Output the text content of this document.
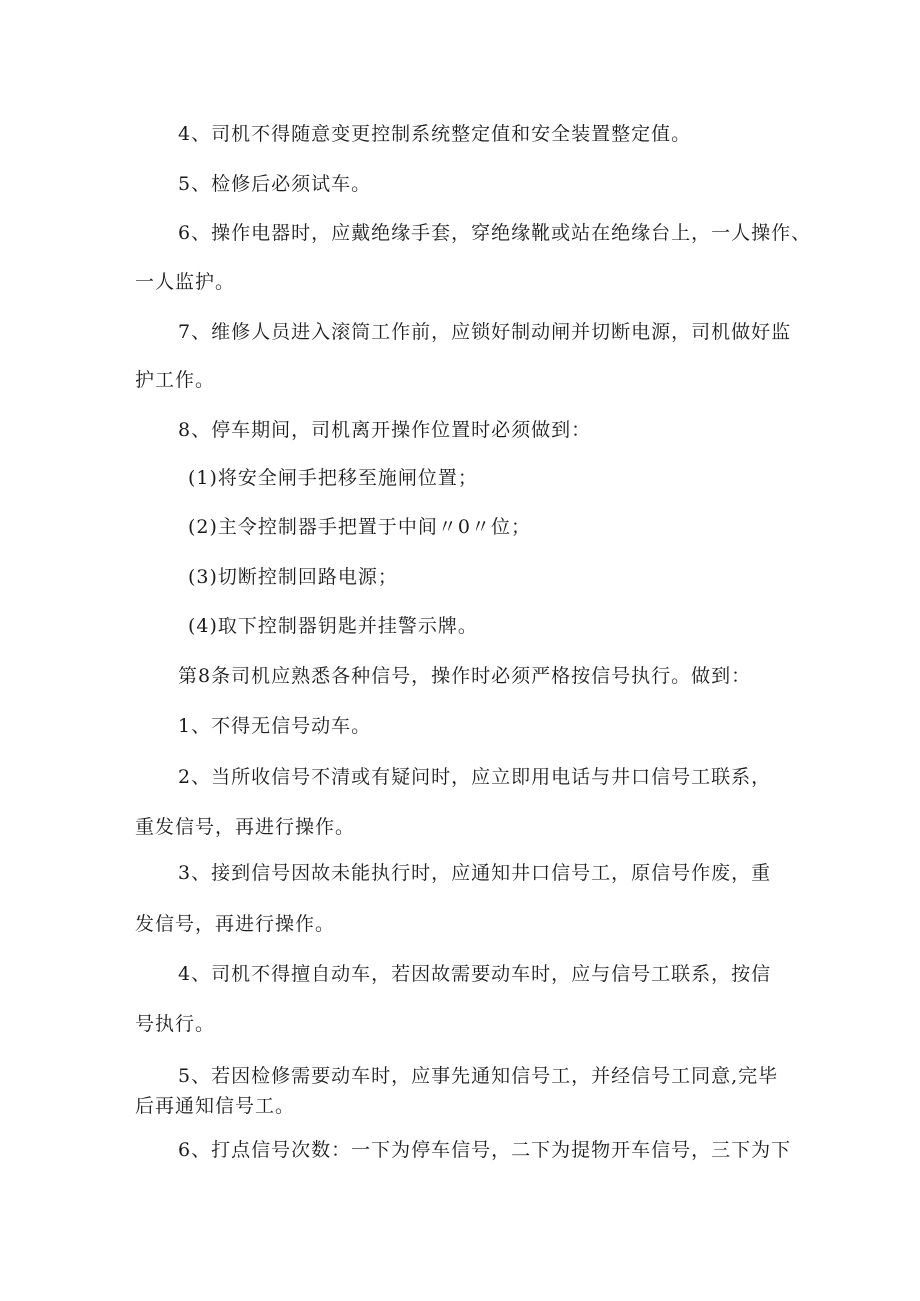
4、司机不得随意变更控制系统整定值和安全装置整定值。
5、检修后必须试车。
6、操作电器时，应戴绝缘手套，穿绝缘靴或站在绝缘台上，一人操作、
一人监护。
7、维修人员进入滚筒工作前，应锁好制动闸并切断电源，司机做好监
护工作。
8、停车期间，司机离开操作位置时必须做到：
(1)将安全闸手把移至施闸位置；
(2)主令控制器手把置于中间〃0〃位；
(3)切断控制回路电源；
(4)取下控制器钥匙并挂警示牌。
第8条司机应熟悉各种信号，操作时必须严格按信号执行。做到：
1、不得无信号动车。
2、当所收信号不清或有疑问时，应立即用电话与井口信号工联系，
重发信号，再进行操作。
3、接到信号因故未能执行时，应通知井口信号工，原信号作废，重
发信号，再进行操作。
4、司机不得擅自动车，若因故需要动车时，应与信号工联系，按信
号执行。
5、若因检修需要动车时，应事先通知信号工，并经信号工同意,完毕
后再通知信号工。
6、打点信号次数：一下为停车信号，二下为提物开车信号，三下为下
